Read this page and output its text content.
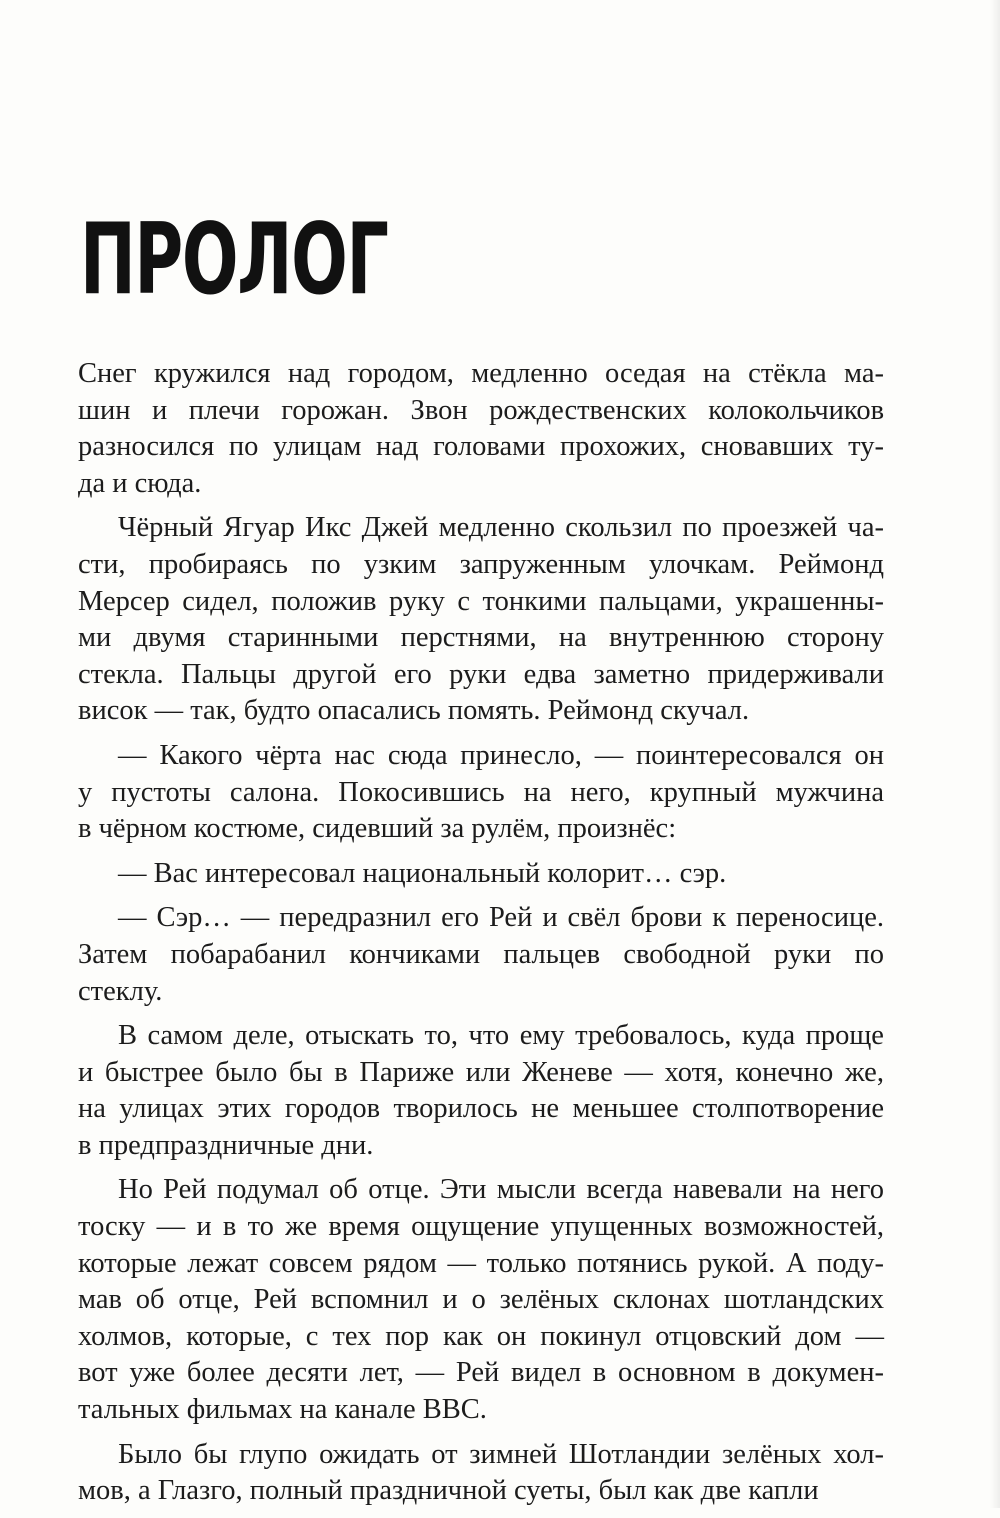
ПРОЛОГ
Снег кружился над городом, медленно оседая на стёкла ма-
шин и плечи горожан. Звон рождественских колокольчиков
разносился по улицам над головами прохожих, сновавших ту-
да и сюда.
Чёрный Ягуар Икс Джей медленно скользил по проезжей ча-
сти, пробираясь по узким запруженным улочкам. Реймонд
Мерсер сидел, положив руку с тонкими пальцами, украшенны-
ми двумя старинными перстнями, на внутреннюю сторону
стекла. Пальцы другой его руки едва заметно придерживали
висок — так, будто опасались помять. Реймонд скучал.
— Какого чёрта нас сюда принесло, — поинтересовался он
у пустоты салона. Покосившись на него, крупный мужчина
в чёрном костюме, сидевший за рулём, произнёс:
— Вас интересовал национальный колорит… сэр.
— Сэр… — передразнил его Рей и свёл брови к переносице.
Затем побарабанил кончиками пальцев свободной руки по
стеклу.
В самом деле, отыскать то, что ему требовалось, куда проще
и быстрее было бы в Париже или Женеве — хотя, конечно же,
на улицах этих городов творилось не меньшее столпотворение
в предпраздничные дни.
Но Рей подумал об отце. Эти мысли всегда навевали на него
тоску — и в то же время ощущение упущенных возможностей,
которые лежат совсем рядом — только потянись рукой. А поду-
мав об отце, Рей вспомнил и о зелёных склонах шотландских
холмов, которые, с тех пор как он покинул отцовский дом —
вот уже более десяти лет, — Рей видел в основном в докумен-
тальных фильмах на канале BBC.
Было бы глупо ожидать от зимней Шотландии зелёных хол-
мов, а Глазго, полный праздничной суеты, был как две капли
